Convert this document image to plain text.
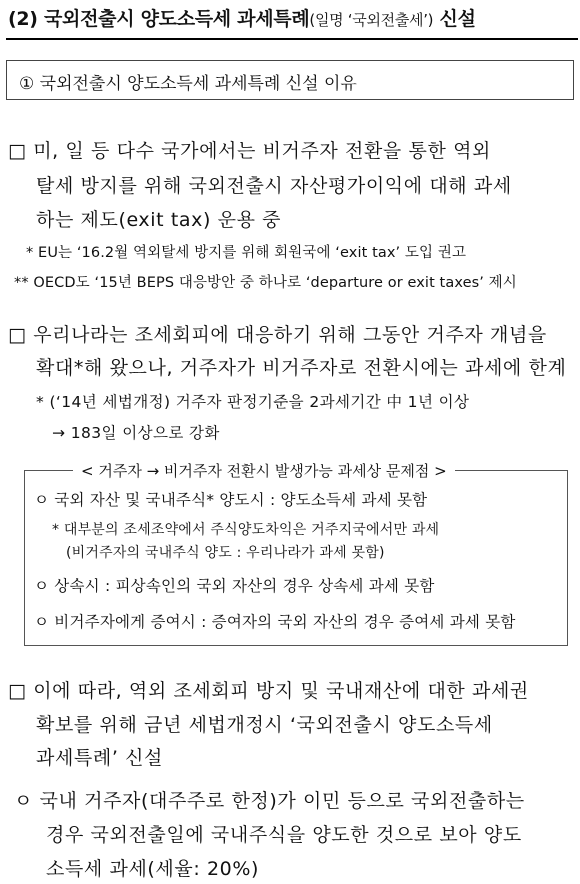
(2) 국외전출시 양도소득세 과세특례(일명 ‘국외전출세’) 신설
① 국외전출시 양도소득세 과세특례 신설 이유
□ 미, 일 등 다수 국가에서는 비거주자 전환을 통한 역외
탈세 방지를 위해 국외전출시 자산평가이익에 대해 과세
하는 제도(exit tax) 운용 중
* EU는 ‘16.2월 역외탈세 방지를 위해 회원국에 ‘exit tax’ 도입 권고
** OECD도 ‘15년 BEPS 대응방안 중 하나로 ‘departure or exit taxes’ 제시
□ 우리나라는 조세회피에 대응하기 위해 그동안 거주자 개념을
확대*해 왔으나, 거주자가 비거주자로 전환시에는 과세에 한계
* (‘14년 세법개정) 거주자 판정기준을 2과세기간 中 1년 이상
→ 183일 이상으로 강화
< 거주자 → 비거주자 전환시 발생가능 과세상 문제점 >
ㅇ 국외 자산 및 국내주식* 양도시 : 양도소득세 과세 못함
* 대부분의 조세조약에서 주식양도차익은 거주지국에서만 과세
(비거주자의 국내주식 양도 : 우리나라가 과세 못함)
ㅇ 상속시 : 피상속인의 국외 자산의 경우 상속세 과세 못함
ㅇ 비거주자에게 증여시 : 증여자의 국외 자산의 경우 증여세 과세 못함
□ 이에 따라, 역외 조세회피 방지 및 국내재산에 대한 과세권
확보를 위해 금년 세법개정시 ‘국외전출시 양도소득세
과세특례’ 신설
ㅇ 국내 거주자(대주주로 한정)가 이민 등으로 국외전출하는
경우 국외전출일에 국내주식을 양도한 것으로 보아 양도
소득세 과세(세율: 20%)
